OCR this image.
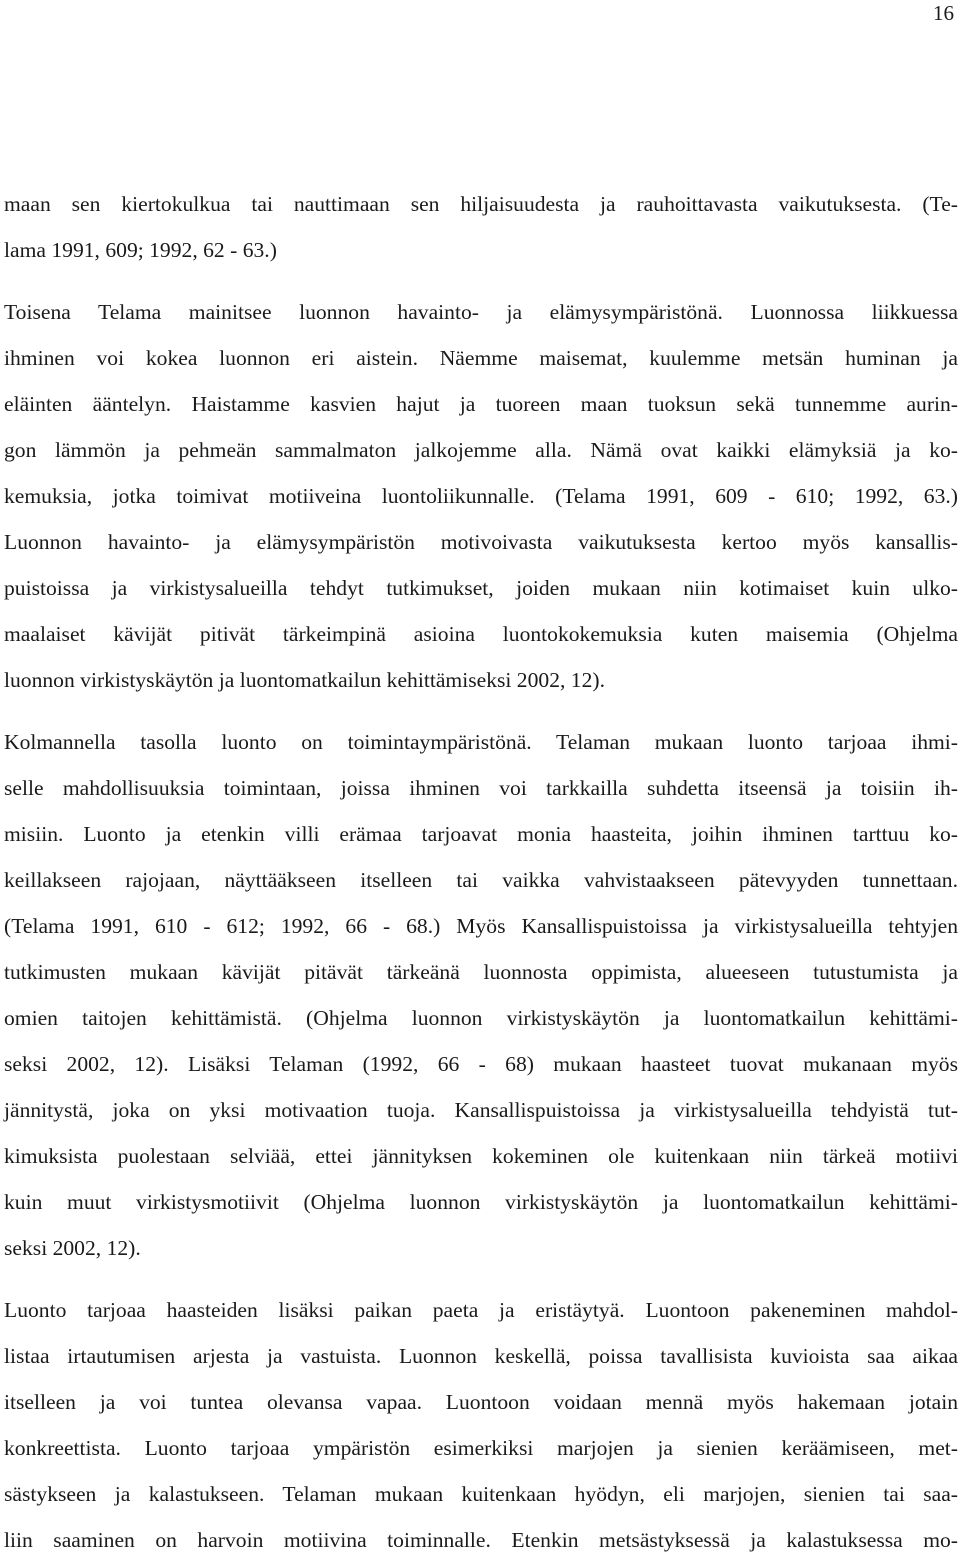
16
maan sen kiertokulkua tai nauttimaan sen hiljaisuudesta ja rauhoittavasta vaikutuksesta. (Te-
lama 1991, 609; 1992, 62 - 63.)
Toisena Telama mainitsee luonnon havainto- ja elämysympäristönä. Luonnossa liikkuessa
ihminen voi kokea luonnon eri aistein. Näemme maisemat, kuulemme metsän huminan ja
eläinten ääntelyn. Haistamme kasvien hajut ja tuoreen maan tuoksun sekä tunnemme aurin-
gon lämmön ja pehmeän sammalmaton jalkojemme alla. Nämä ovat kaikki elämyksiä ja ko-
kemuksia, jotka toimivat motiiveina luontoliikunnalle. (Telama 1991, 609 - 610; 1992, 63.)
Luonnon havainto- ja elämysympäristön motivoivasta vaikutuksesta kertoo myös kansallis-
puistoissa ja virkistysalueilla tehdyt tutkimukset, joiden mukaan niin kotimaiset kuin ulko-
maalaiset kävijät pitivät tärkeimpinä asioina luontokokemuksia kuten maisemia (Ohjelma
luonnon virkistyskäytön ja luontomatkailun kehittämiseksi 2002, 12).
Kolmannella tasolla luonto on toimintaympäristönä. Telaman mukaan luonto tarjoaa ihmi-
selle mahdollisuuksia toimintaan, joissa ihminen voi tarkkailla suhdetta itseensä ja toisiin ih-
misiin. Luonto ja etenkin villi erämaa tarjoavat monia haasteita, joihin ihminen tarttuu ko-
keillakseen rajojaan, näyttääkseen itselleen tai vaikka vahvistaakseen pätevyyden tunnettaan.
(Telama 1991, 610 - 612; 1992, 66 - 68.) Myös Kansallispuistoissa ja virkistysalueilla tehtyjen
tutkimusten mukaan kävijät pitävät tärkeänä luonnosta oppimista, alueeseen tutustumista ja
omien taitojen kehittämistä. (Ohjelma luonnon virkistyskäytön ja luontomatkailun kehittämi-
seksi 2002, 12). Lisäksi Telaman (1992, 66 - 68) mukaan haasteet tuovat mukanaan myös
jännitystä, joka on yksi motivaation tuoja. Kansallispuistoissa ja virkistysalueilla tehdyistä tut-
kimuksista puolestaan selviää, ettei jännityksen kokeminen ole kuitenkaan niin tärkeä motiivi
kuin muut virkistysmotiivit (Ohjelma luonnon virkistyskäytön ja luontomatkailun kehittämi-
seksi 2002, 12).
Luonto tarjoaa haasteiden lisäksi paikan paeta ja eristäytyä. Luontoon pakeneminen mahdol-
listaa irtautumisen arjesta ja vastuista. Luonnon keskellä, poissa tavallisista kuvioista saa aikaa
itselleen ja voi tuntea olevansa vapaa. Luontoon voidaan mennä myös hakemaan jotain
konkreettista. Luonto tarjoaa ympäristön esimerkiksi marjojen ja sienien keräämiseen, met-
sästykseen ja kalastukseen. Telaman mukaan kuitenkaan hyödyn, eli marjojen, sienien tai saa-
liin saaminen on harvoin motiivina toiminnalle. Etenkin metsästyksessä ja kalastuksessa mo-
